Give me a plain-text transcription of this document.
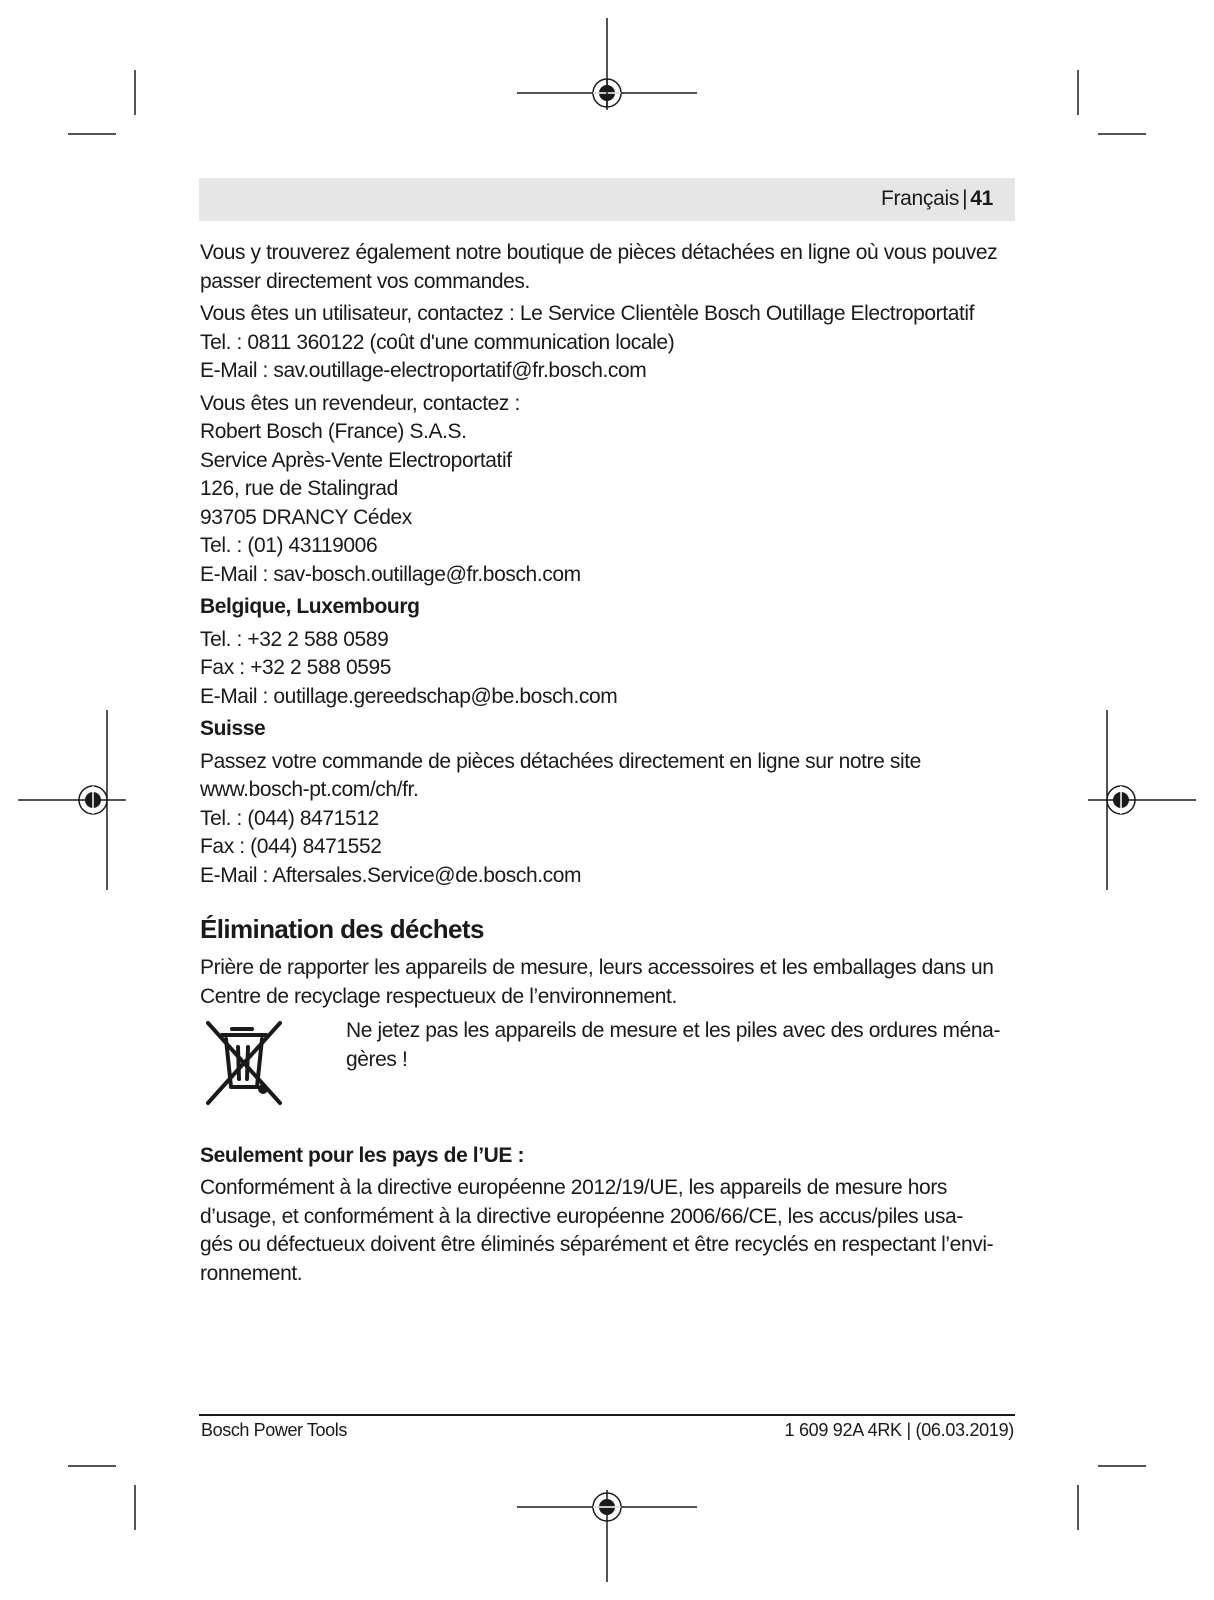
Français | 41

Vous y trouverez également notre boutique de pièces détachées en ligne où vous pouvez
passer directement vos commandes.

Vous êtes un utilisateur, contactez : Le Service Clientèle Bosch Outillage Electroportatif
Tel. : 0811 360122 (coût d'une communication locale)
E-Mail : sav.outillage-electroportatif@fr.bosch.com

Vous êtes un revendeur, contactez :
Robert Bosch (France) S.A.S.
Service Après-Vente Electroportatif
126, rue de Stalingrad
93705 DRANCY Cédex
Tel. : (01) 43119006
E-Mail : sav-bosch.outillage@fr.bosch.com

Belgique, Luxembourg

Tel. : +32 2 588 0589
Fax : +32 2 588 0595
E-Mail : outillage.gereedschap@be.bosch.com

Suisse

Passez votre commande de pièces détachées directement en ligne sur notre site
www.bosch-pt.com/ch/fr.
Tel. : (044) 8471512
Fax : (044) 8471552
E-Mail : Aftersales.Service@de.bosch.com

Élimination des déchets

Prière de rapporter les appareils de mesure, leurs accessoires et les emballages dans un
Centre de recyclage respectueux de l’environnement.

Ne jetez pas les appareils de mesure et les piles avec des ordures ména-
gères !

Seulement pour les pays de l’UE :

Conformément à la directive européenne 2012/19/UE, les appareils de mesure hors
d’usage, et conformément à la directive européenne 2006/66/CE, les accus/piles usa-
gés ou défectueux doivent être éliminés séparément et être recyclés en respectant l’envi-
ronnement.

Bosch Power Tools	1 609 92A 4RK | (06.03.2019)
